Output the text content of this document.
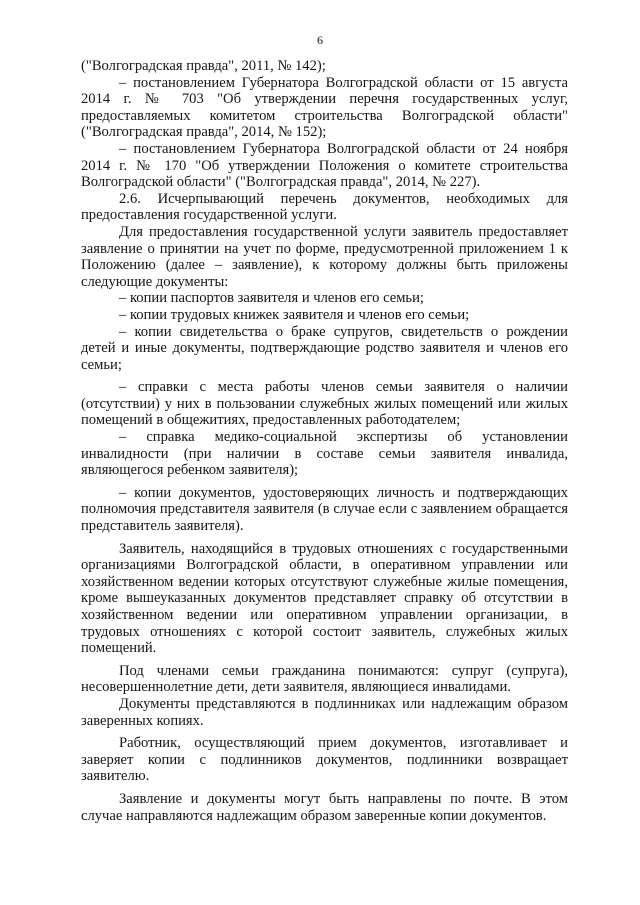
6

("Волгоградская правда", 2011, № 142);

– постановлением Губернатора Волгоградской области от 15 августа 2014 г. № 703 "Об утверждении перечня государственных услуг, предоставляемых комитетом строительства Волгоградской области" ("Волгоградская правда", 2014, № 152);

– постановлением Губернатора Волгоградской области от 24 ноября 2014 г. № 170 "Об утверждении Положения о комитете строительства Волгоградской области" ("Волгоградская правда", 2014, № 227).

2.6. Исчерпывающий перечень документов, необходимых для предоставления государственной услуги.

Для предоставления государственной услуги заявитель предоставляет заявление о принятии на учет по форме, предусмотренной приложением 1 к Положению (далее – заявление), к которому должны быть приложены следующие документы:

– копии паспортов заявителя и членов его семьи;

– копии трудовых книжек заявителя и членов его семьи;

– копии свидетельства о браке супругов, свидетельств о рождении детей и иные документы, подтверждающие родство заявителя и членов его семьи;

– справки с места работы членов семьи заявителя о наличии (отсутствии) у них в пользовании служебных жилых помещений или жилых помещений в общежитиях, предоставленных работодателем;

– справка медико-социальной экспертизы об установлении инвалидности (при наличии в составе семьи заявителя инвалида, являющегося ребенком заявителя);

– копии документов, удостоверяющих личность и подтверждающих полномочия представителя заявителя (в случае если с заявлением обращается представитель заявителя).

Заявитель, находящийся в трудовых отношениях с государственными организациями Волгоградской области, в оперативном управлении или хозяйственном ведении которых отсутствуют служебные жилые помещения, кроме вышеуказанных документов представляет справку об отсутствии в хозяйственном ведении или оперативном управлении организации, в трудовых отношениях с которой состоит заявитель, служебных жилых помещений.

Под членами семьи гражданина понимаются: супруг (супруга), несовершеннолетние дети, дети заявителя, являющиеся инвалидами.

Документы представляются в подлинниках или надлежащим образом заверенных копиях.

Работник, осуществляющий прием документов, изготавливает и заверяет копии с подлинников документов, подлинники возвращает заявителю.

Заявление и документы могут быть направлены по почте. В этом случае направляются надлежащим образом заверенные копии документов.
